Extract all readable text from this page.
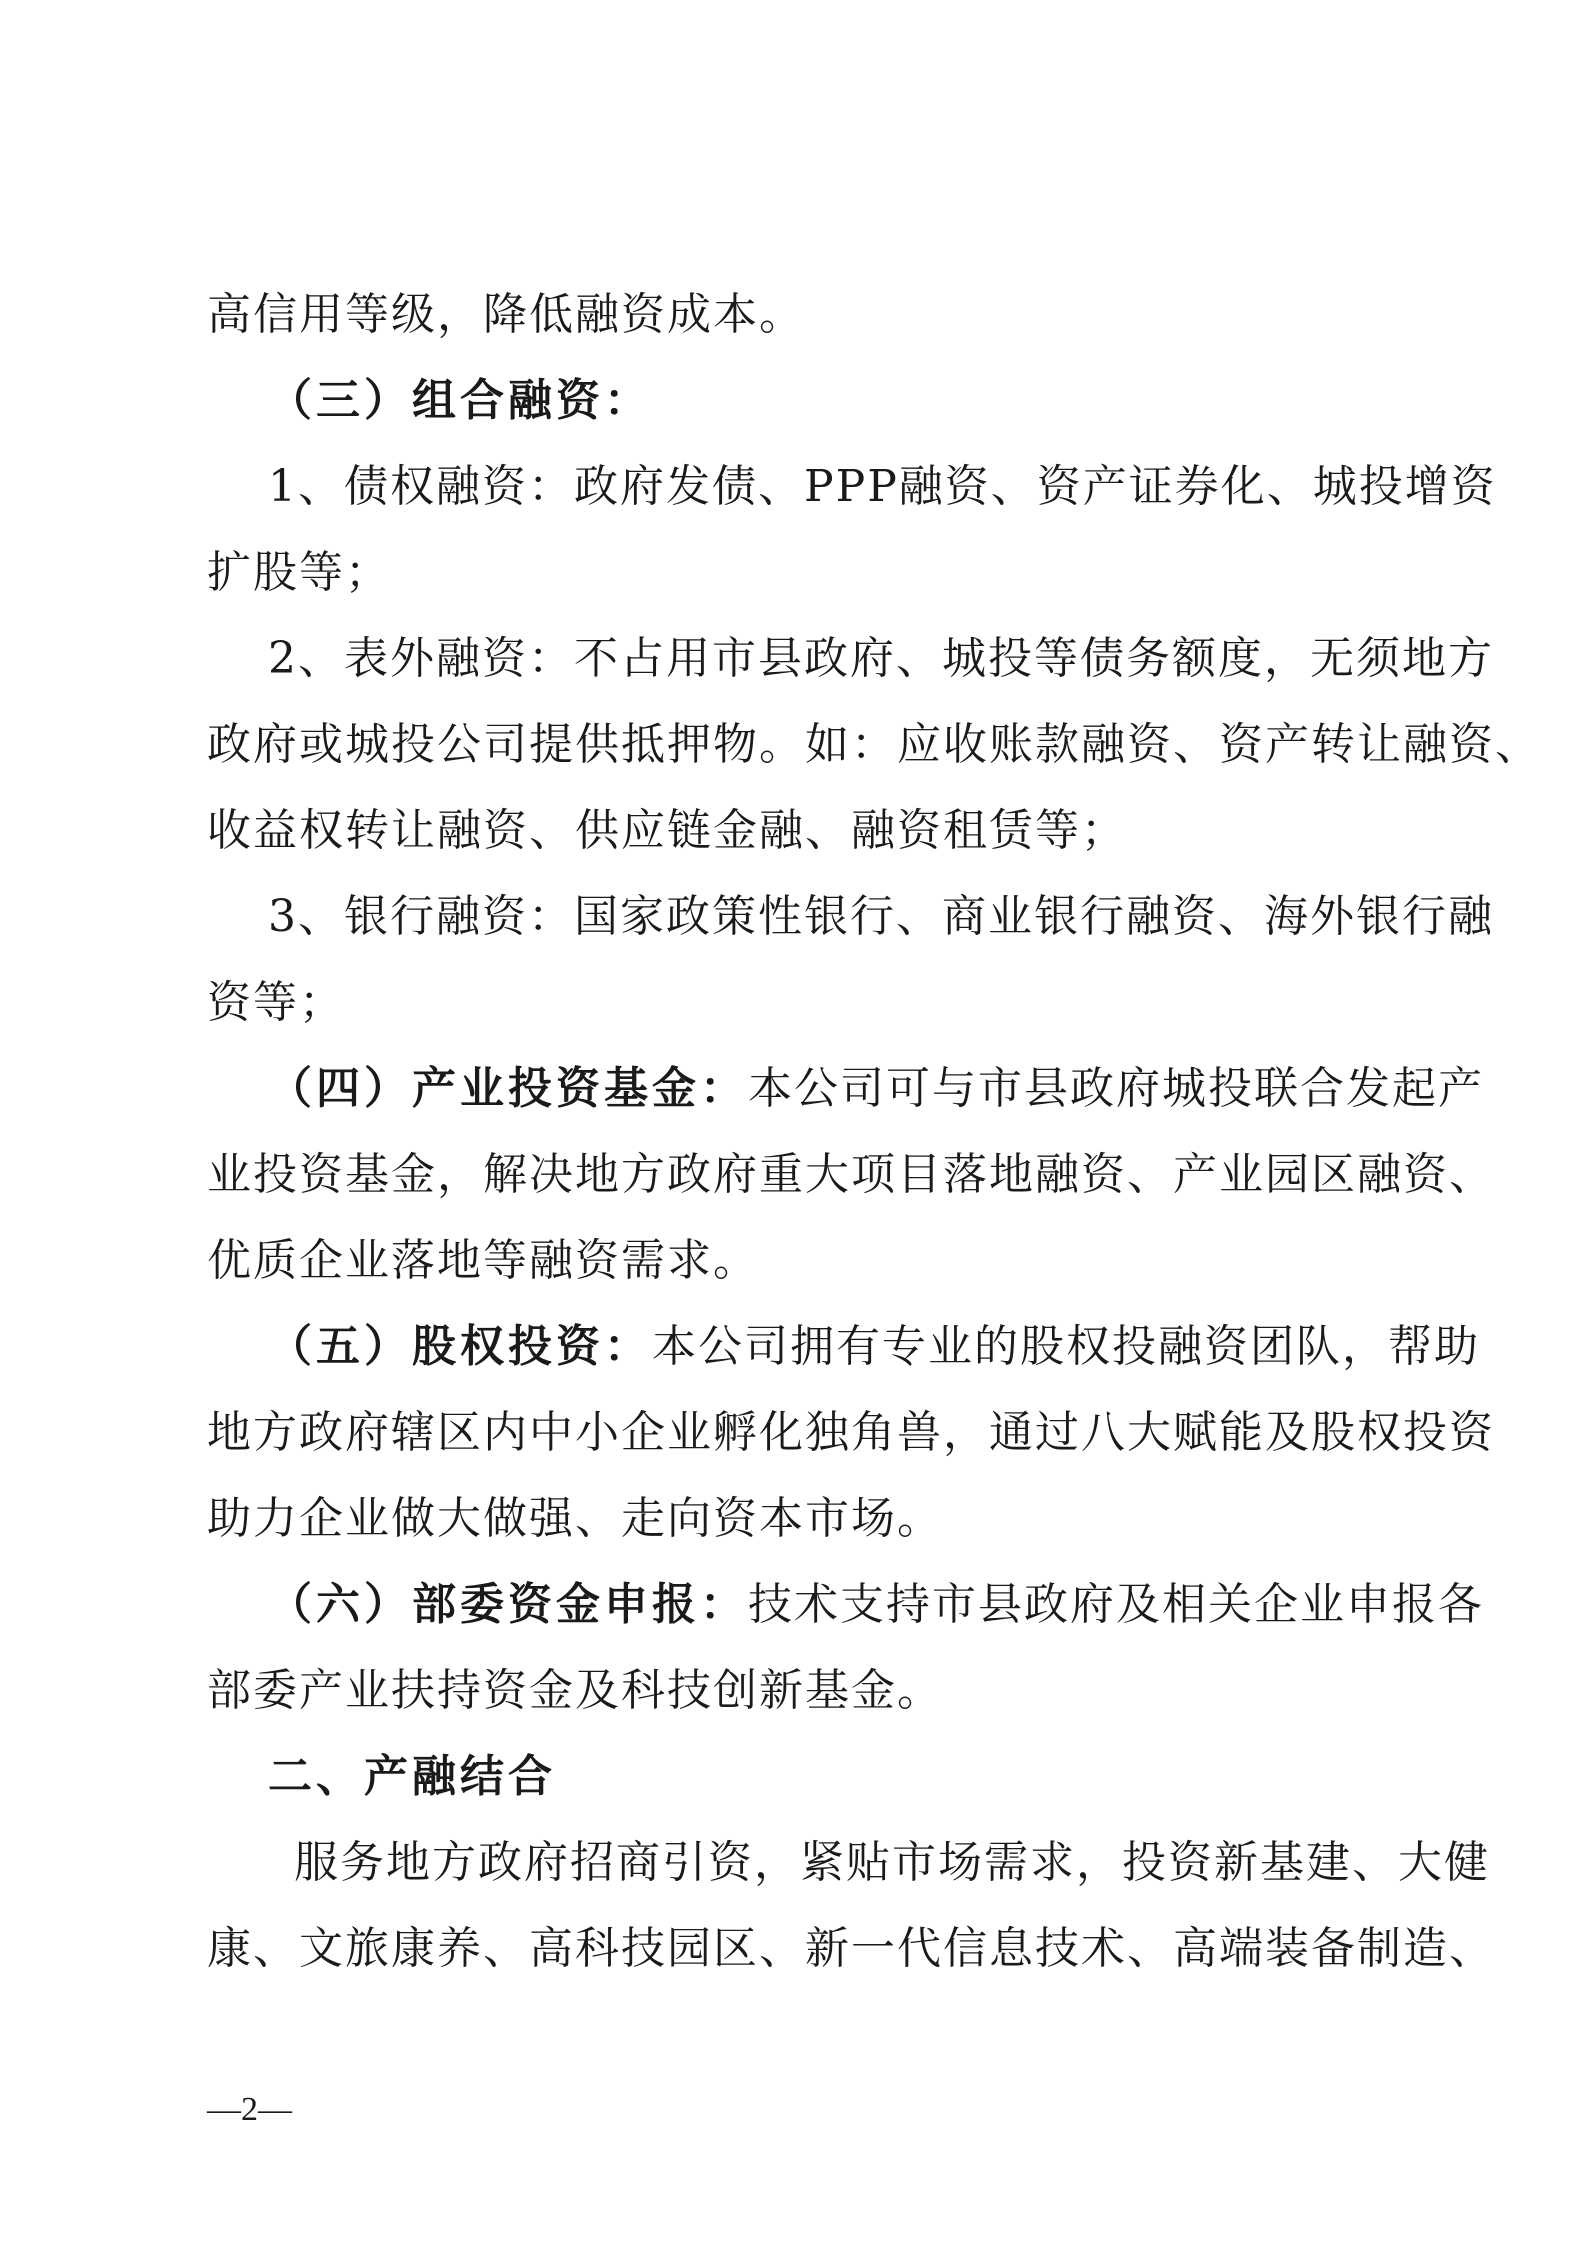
高信用等级，降低融资成本。
（三）组合融资：
1、债权融资：政府发债、PPP融资、资产证券化、城投增资
扩股等；
2、表外融资：不占用市县政府、城投等债务额度，无须地方
政府或城投公司提供抵押物。如：应收账款融资、资产转让融资、
收益权转让融资、供应链金融、融资租赁等；
3、银行融资：国家政策性银行、商业银行融资、海外银行融
资等；
（四）产业投资基金：本公司可与市县政府城投联合发起产
业投资基金，解决地方政府重大项目落地融资、产业园区融资、
优质企业落地等融资需求。
（五）股权投资：本公司拥有专业的股权投融资团队，帮助
地方政府辖区内中小企业孵化独角兽，通过八大赋能及股权投资
助力企业做大做强、走向资本市场。
（六）部委资金申报：技术支持市县政府及相关企业申报各
部委产业扶持资金及科技创新基金。
二、产融结合
服务地方政府招商引资，紧贴市场需求，投资新基建、大健
康、文旅康养、高科技园区、新一代信息技术、高端装备制造、
—2—
